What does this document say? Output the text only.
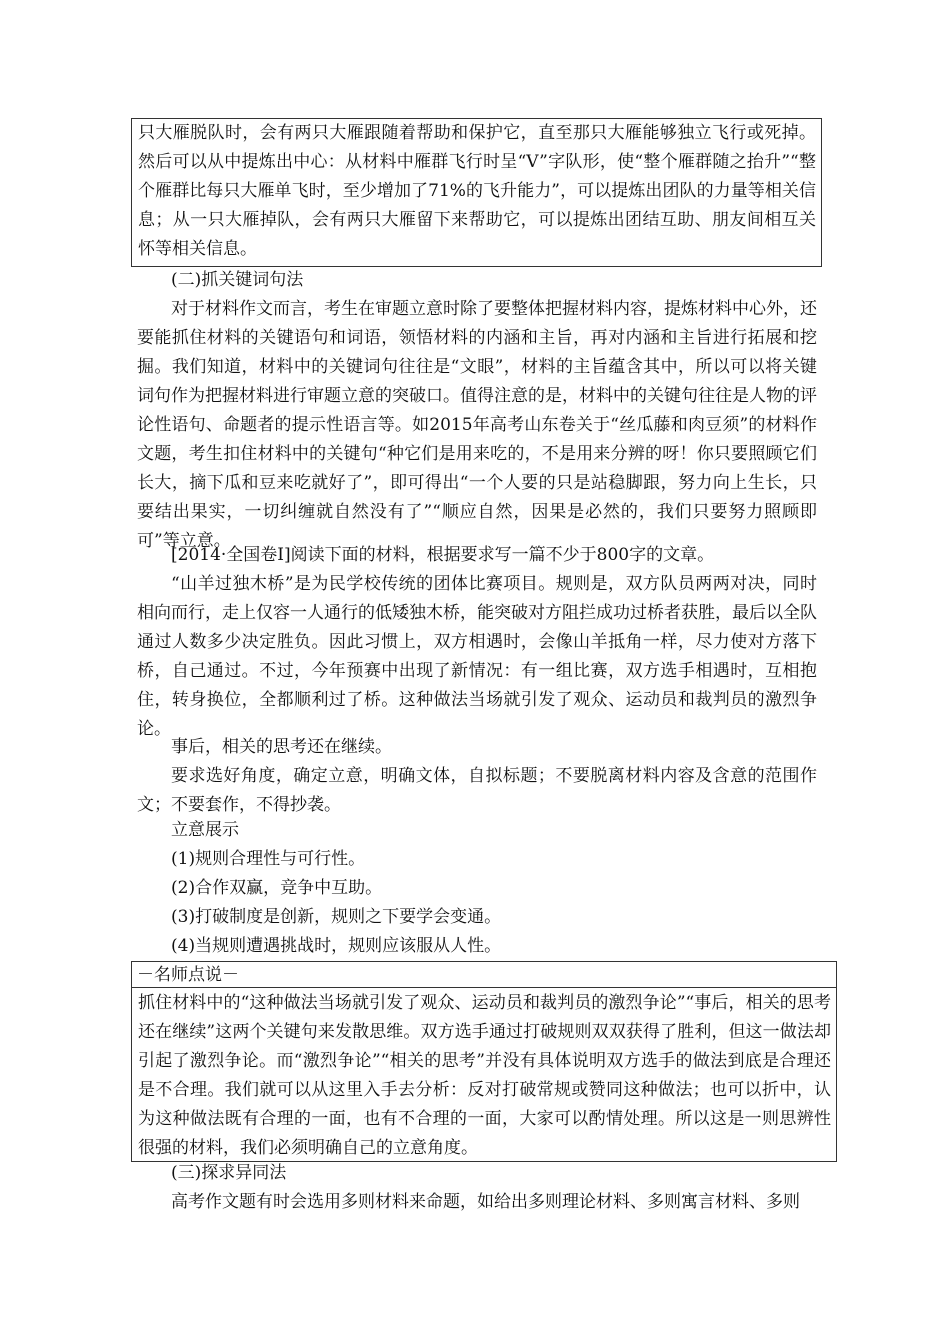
只大雁脱队时，会有两只大雁跟随着帮助和保护它，直至那只大雁能够独立飞行或死掉。然后可以从中提炼出中心：从材料中雁群飞行时呈“V”字队形，使“整个雁群随之抬升”“整个雁群比每只大雁单飞时，至少增加了71%的飞升能力”，可以提炼出团队的力量等相关信息；从一只大雁掉队，会有两只大雁留下来帮助它，可以提炼出团结互助、朋友间相互关怀等相关信息。

(二)抓关键词句法

对于材料作文而言，考生在审题立意时除了要整体把握材料内容，提炼材料中心外，还要能抓住材料的关键语句和词语，领悟材料的内涵和主旨，再对内涵和主旨进行拓展和挖掘。我们知道，材料中的关键词句往往是“文眼”，材料的主旨蕴含其中，所以可以将关键词句作为把握材料进行审题立意的突破口。值得注意的是，材料中的关键句往往是人物的评论性语句、命题者的提示性语言等。如2015年高考山东卷关于“丝瓜藤和肉豆须”的材料作文题，考生扣住材料中的关键句“种它们是用来吃的，不是用来分辨的呀！你只要照顾它们长大，摘下瓜和豆来吃就好了”，即可得出“一个人要的只是站稳脚跟，努力向上生长，只要结出果实，一切纠缠就自然没有了”“顺应自然，因果是必然的，我们只要努力照顾即可”等立意。

[2014·全国卷Ⅰ]阅读下面的材料，根据要求写一篇不少于800字的文章。

“山羊过独木桥”是为民学校传统的团体比赛项目。规则是，双方队员两两对决，同时相向而行，走上仅容一人通行的低矮独木桥，能突破对方阻拦成功过桥者获胜，最后以全队通过人数多少决定胜负。因此习惯上，双方相遇时，会像山羊抵角一样，尽力使对方落下桥，自己通过。不过，今年预赛中出现了新情况：有一组比赛，双方选手相遇时，互相抱住，转身换位，全都顺利过了桥。这种做法当场就引发了观众、运动员和裁判员的激烈争论。

事后，相关的思考还在继续。

要求选好角度，确定立意，明确文体，自拟标题；不要脱离材料内容及含意的范围作文；不要套作，不得抄袭。

立意展示
(1)规则合理性与可行性。
(2)合作双赢，竞争中互助。
(3)打破制度是创新，规则之下要学会变通。
(4)当规则遭遇挑战时，规则应该服从人性。
－名师点说－

抓住材料中的“这种做法当场就引发了观众、运动员和裁判员的激烈争论”“事后，相关的思考还在继续”这两个关键句来发散思维。双方选手通过打破规则双双获得了胜利，但这一做法却引起了激烈争论。而“激烈争论”“相关的思考”并没有具体说明双方选手的做法到底是合理还是不合理。我们就可以从这里入手去分析：反对打破常规或赞同这种做法；也可以折中，认为这种做法既有合理的一面，也有不合理的一面，大家可以酌情处理。所以这是一则思辨性很强的材料，我们必须明确自己的立意角度。

(三)探求异同法

高考作文题有时会选用多则材料来命题，如给出多则理论材料、多则寓言材料、多则
